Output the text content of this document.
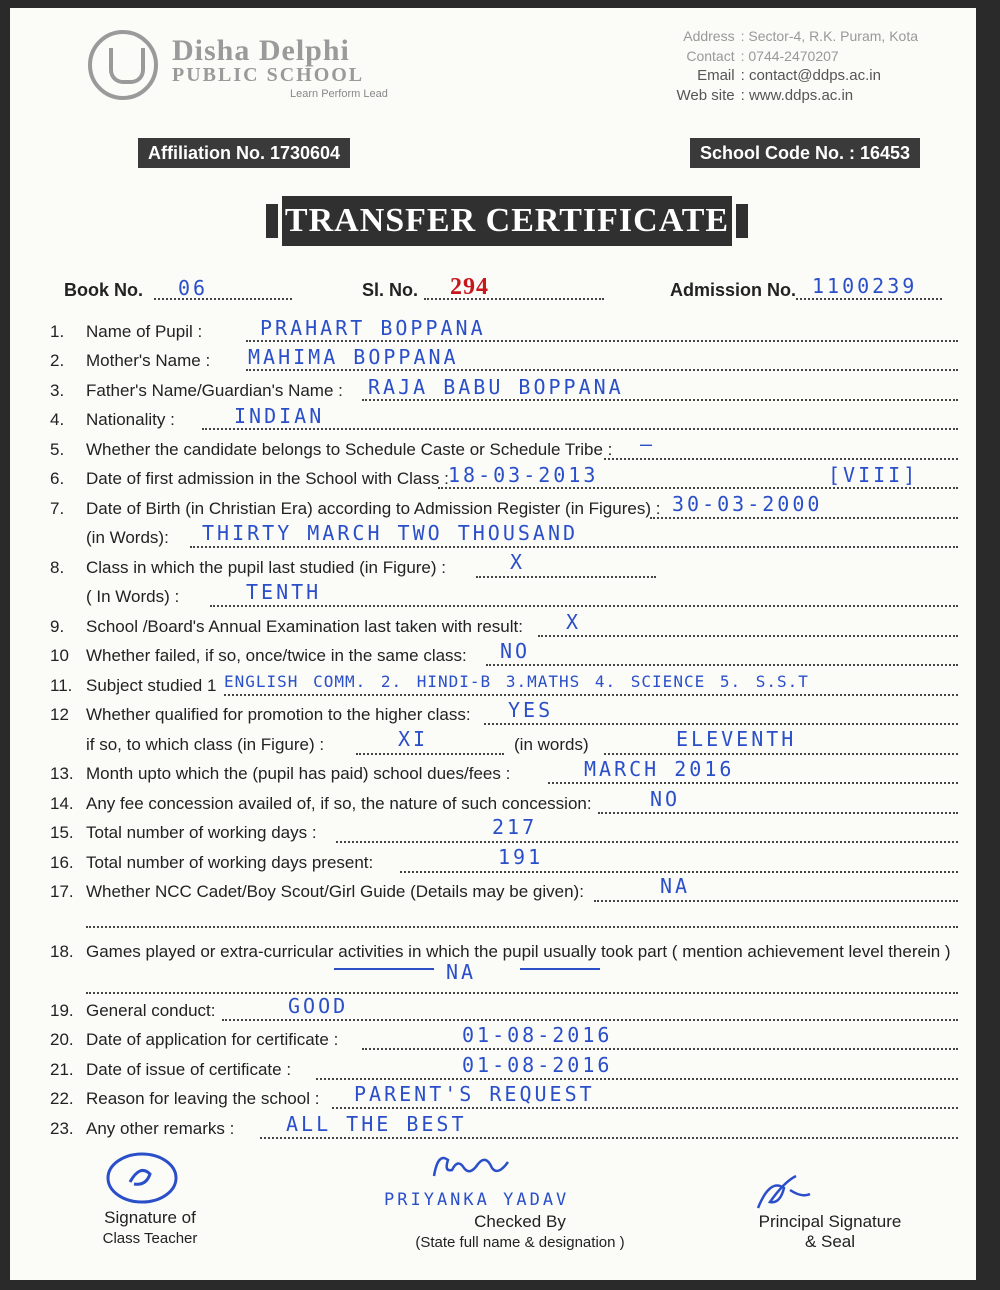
Disha Delphi
PUBLIC SCHOOL
Learn Perform Lead
Address : Sector-4, R.K. Puram, Kota
Contact : 0744-2470207
Email : contact@ddps.ac.in
Web site : www.ddps.ac.in
Affiliation No. 1730604	School Code No. : 16453
TRANSFER CERTIFICATE
Book No. 06	Sl. No. 294	Admission No. 1100239
1. Name of Pupil :	PRAHART BOPPANA
2. Mother's Name : MAHIMA BOPPANA
3. Father's Name/Guardian's Name : RAJA BABU BOPPANA
4. Nationality :	INDIAN
5. Whether the candidate belongs to Schedule Caste or Schedule Tribe : —
6. Date of first admission in the School with Class : 18-03-2013	[VIII]
7. Date of Birth (in Christian Era) according to Admission Register (in Figures) : 30-03-2000
(in Words): THIRTY MARCH TWO THOUSAND
8. Class in which the pupil last studied (in Figure) :	X
( In Words) :	TENTH
9. School /Board's Annual Examination last taken with result: X
10 Whether failed, if so, once/twice in the same class: NO
11. Subject studied 1 ENGLISH COMM. 2. HINDI-B 3.MATHS 4. SCIENCE 5. S.S.T
12 Whether qualified for promotion to the higher class: YES
if so, to which class (in Figure) :	XI	(in words)	ELEVENTH
13. Month upto which the (pupil has paid) school dues/fees :	MARCH 2016
14. Any fee concession availed of, if so, the nature of such concession:	NO
15. Total number of working days :	217
16. Total number of working days present:	191
17. Whether NCC Cadet/Boy Scout/Girl Guide (Details may be given):	NA
18. Games played or extra-curricular activities in which the pupil usually took part ( mention achievement level therein )
NA
19. General conduct:	GOOD
20. Date of application for certificate :	01-08-2016
21. Date of issue of certificate :	01-08-2016
22. Reason for leaving the school : PARENT'S REQUEST
23. Any other remarks :	ALL THE BEST
Signature of
Class Teacher
PRIYANKA YADAV
Checked By
(State full name & designation )
Principal Signature
& Seal
